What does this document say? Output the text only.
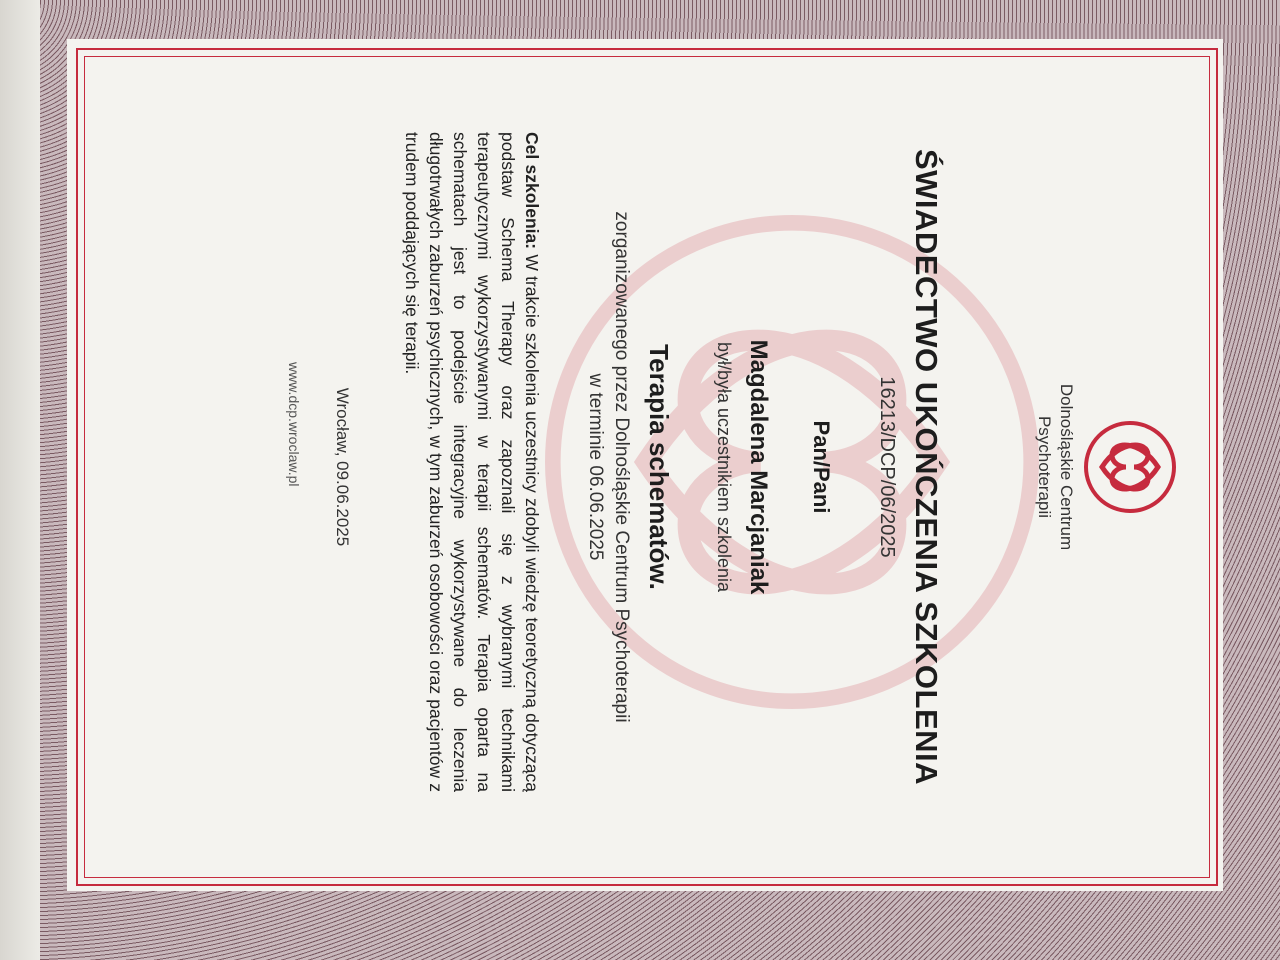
Dolnośląskie Centrum
Psychoterapii
ŚWIADECTWO UKOŃCZENIA SZKOLENIA
16213/DCP/06/2025
Pan/Pani
Magdalena Marcjaniak
był/była uczestnikiem szkolenia
Terapia schematów.
zorganizowanego przez Dolnośląskie Centrum Psychoterapii
w terminie 06.06.2025
Cel szkolenia: W trakcie szkolenia uczestnicy zdobyli wiedzę teoretyczną dotyczącą podstaw Schema Therapy oraz zapoznali się z wybranymi technikami terapeutycznymi wykorzystywanymi w terapii schematów. Terapia oparta na schematach jest to podejście integracyjne wykorzystywane do leczenia długotrwałych zaburzeń psychicznych, w tym zaburzeń osobowości oraz pacjentów z trudem poddających się terapii.
Wrocław, 09.06.2025
www.dcp.wroclaw.pl
